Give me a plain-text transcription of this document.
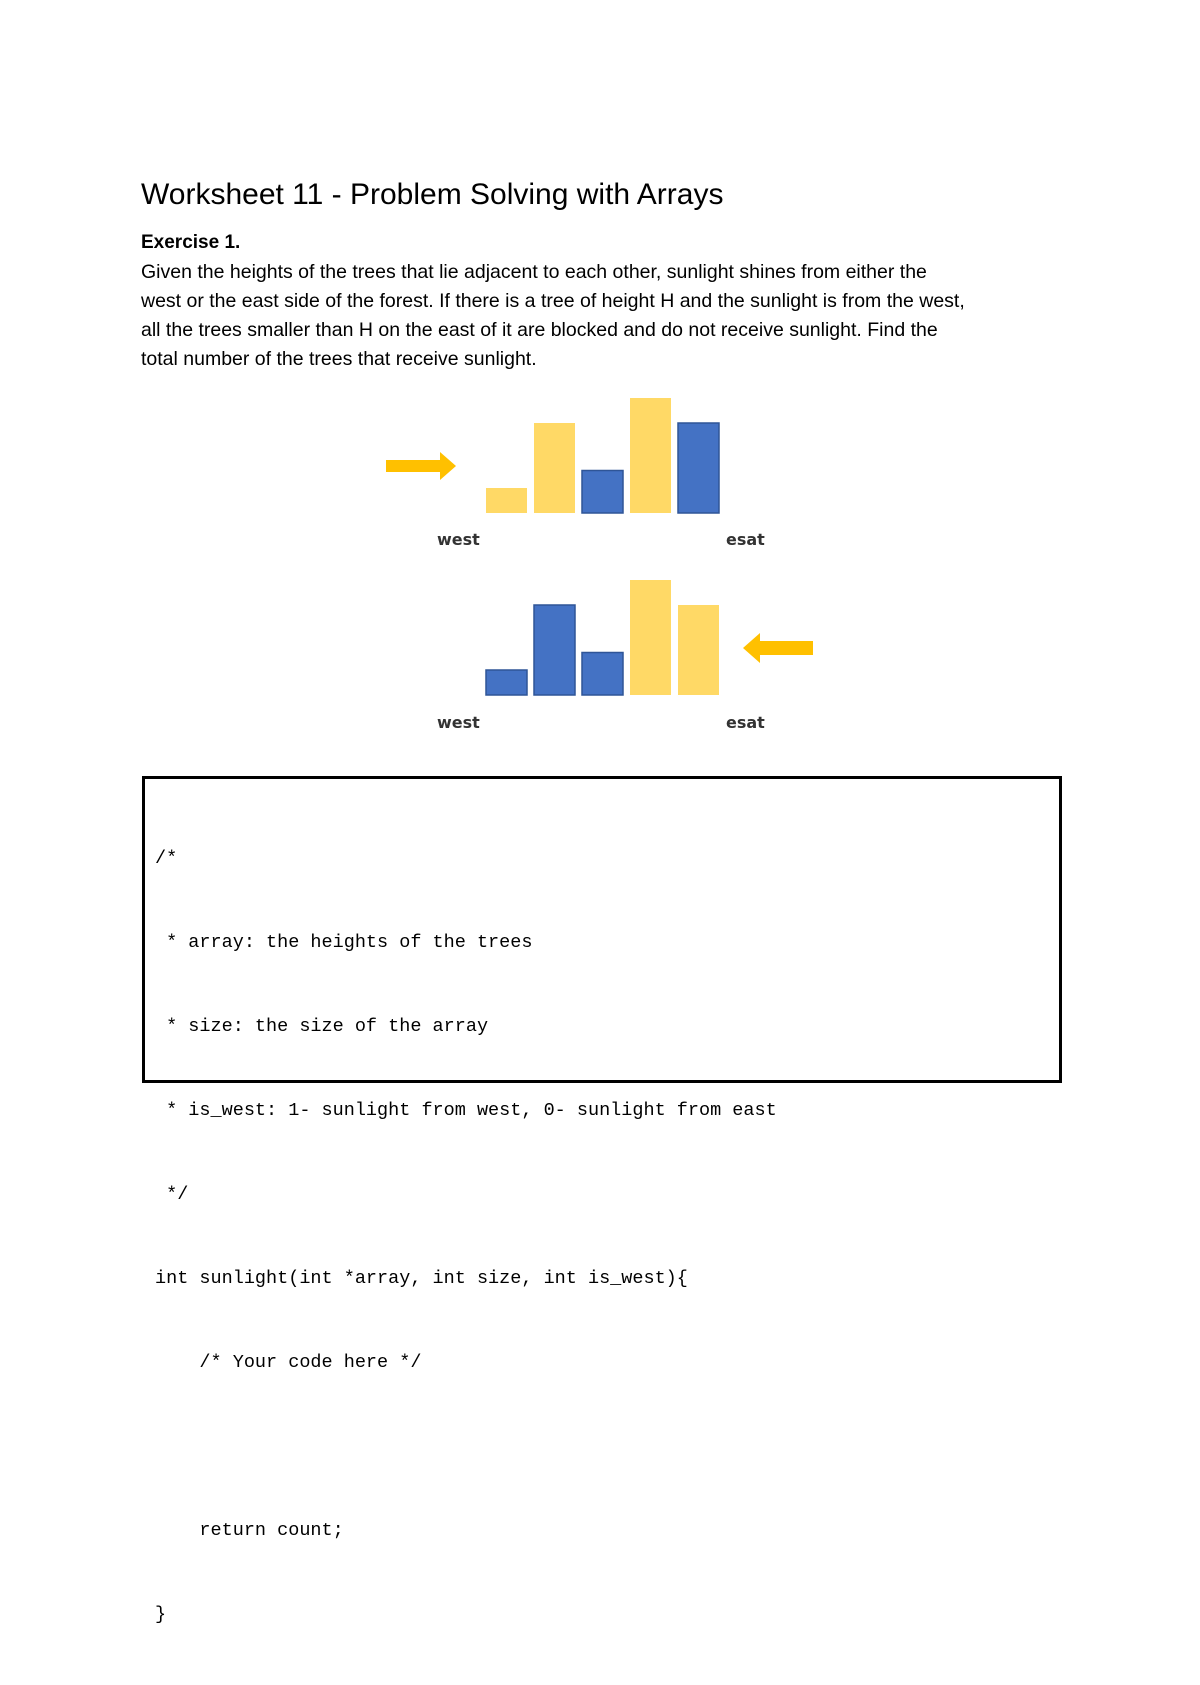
Worksheet 11 - Problem Solving with Arrays
Exercise 1.
Given the heights of the trees that lie adjacent to each other, sunlight shines from either the
west or the east side of the forest. If there is a tree of height H and the sunlight is from the west,
all the trees smaller than H on the east of it are blocked and do not receive sunlight. Find the
total number of the trees that receive sunlight.
west	esat
west	esat

/*

* array: the heights of the trees

* size: the size of the array

* is_west: 1- sunlight from west, 0- sunlight from east

*/

int sunlight(int *array, int size, int is_west){

/* Your code here */

return count;

}
